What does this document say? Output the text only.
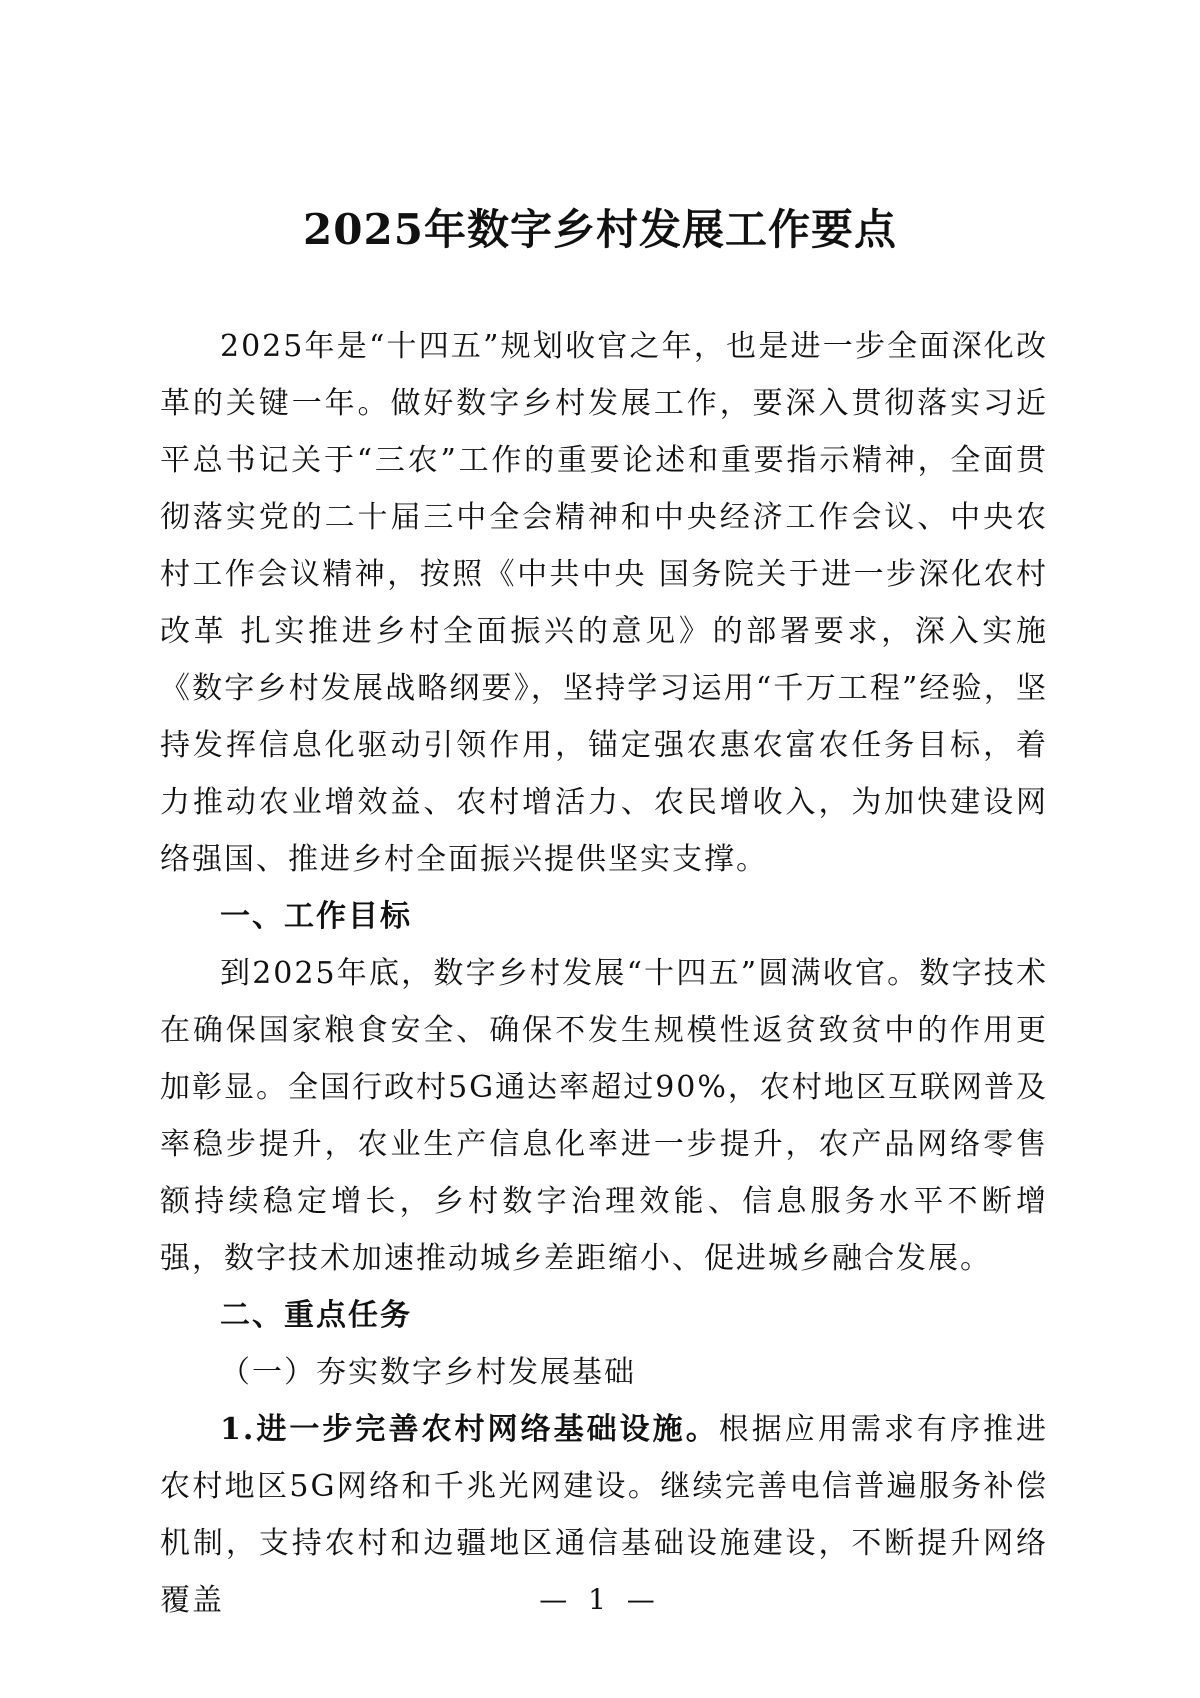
2025年数字乡村发展工作要点

2025年是“十四五”规划收官之年，也是进一步全面深化改革的关键一年。做好数字乡村发展工作，要深入贯彻落实习近平总书记关于“三农”工作的重要论述和重要指示精神，全面贯彻落实党的二十届三中全会精神和中央经济工作会议、中央农村工作会议精神，按照《中共中央 国务院关于进一步深化农村改革 扎实推进乡村全面振兴的意见》的部署要求，深入实施《数字乡村发展战略纲要》，坚持学习运用“千万工程”经验，坚持发挥信息化驱动引领作用，锚定强农惠农富农任务目标，着力推动农业增效益、农村增活力、农民增收入，为加快建设网络强国、推进乡村全面振兴提供坚实支撑。

一、工作目标

到2025年底，数字乡村发展“十四五”圆满收官。数字技术在确保国家粮食安全、确保不发生规模性返贫致贫中的作用更加彰显。全国行政村5G通达率超过90%，农村地区互联网普及率稳步提升，农业生产信息化率进一步提升，农产品网络零售额持续稳定增长，乡村数字治理效能、信息服务水平不断增强，数字技术加速推动城乡差距缩小、促进城乡融合发展。

二、重点任务

（一）夯实数字乡村发展基础

1.进一步完善农村网络基础设施。根据应用需求有序推进农村地区5G网络和千兆光网建设。继续完善电信普遍服务补偿机制，支持农村和边疆地区通信基础设施建设，不断提升网络覆盖	— 1 —
